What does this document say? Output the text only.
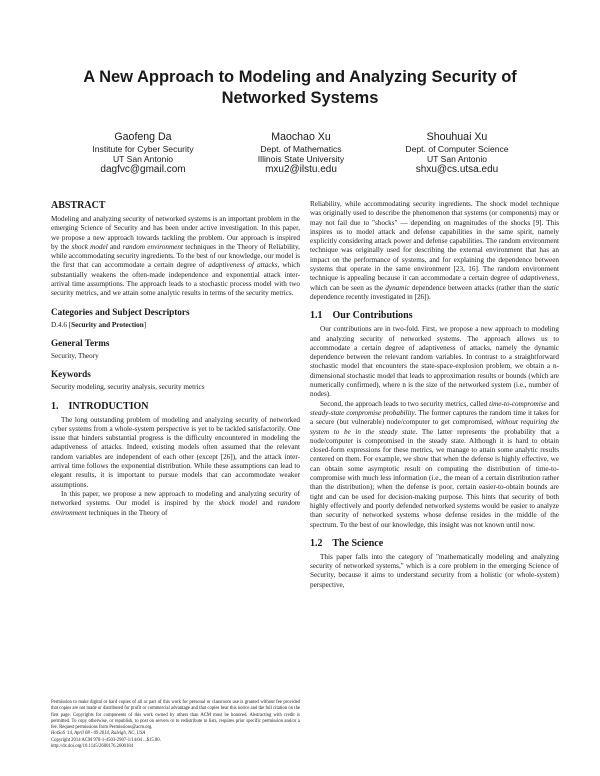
A New Approach to Modeling and Analyzing Security of
Networked Systems
Gaofeng Da
Institute for Cyber Security
UT San Antonio
dagfvc@gmail.com
Maochao Xu
Dept. of Mathematics
Illinois State University
mxu2@ilstu.edu
Shouhuai Xu
Dept. of Computer Science
UT San Antonio
shxu@cs.utsa.edu
ABSTRACT

Modeling and analyzing security of networked systems is an important problem in the emerging Science of Security and has been under active investigation. In this paper, we propose a new approach towards tackling the problem. Our approach is inspired by the shock model and random environment techniques in the Theory of Reliability, while accommodating security ingredients. To the best of our knowledge, our model is the first that can accommodate a certain degree of adaptiveness of attacks, which substantially weakens the often-made independence and exponential attack inter-arrival time assumptions. The approach leads to a stochastic process model with two security metrics, and we attain some analytic results in terms of the security metrics.

Categories and Subject Descriptors

D.4.6 [Security and Protection]

General Terms

Security, Theory

Keywords

Security modeling, security analysis, security metrics

1.    INTRODUCTION

The long outstanding problem of modeling and analyzing security of networked cyber systems from a whole-system perspective is yet to be tackled satisfactorily. One issue that hinders substantial progress is the difficulty encountered in modeling the adaptiveness of attacks. Indeed, existing models often assumed that the relevant random variables are independent of each other (except [26]), and the attack inter-arrival time follows the exponential distribution. While these assumptions can lead to elegant results, it is important to pursue models that can accommodate weaker assumptions.

In this paper, we propose a new approach to modeling and analyzing security of networked systems. Our model is inspired by the shock model and random environment techniques in the Theory of

Permission to make digital or hard copies of all or part of this work for personal or classroom use is granted without fee provided that copies are not made or distributed for profit or commercial advantage and that copies bear this notice and the full citation on the first page. Copyrights for components of this work owned by others than ACM must be honored. Abstracting with credit is permitted. To copy otherwise, or republish, to post on servers or to redistribute to lists, requires prior specific permission and/or a fee. Request permissions from Permissions@acm.org.

HotSoS '14, April 08 - 09 2014, Raleigh, NC, USA

Copyright 2014 ACM 978-1-4503-2907-1/14/04 ...$15.00.

http://dx.doi.org/10.1145/2600176.2600184

Reliability, while accommodating security ingredients. The shock model technique was originally used to describe the phenomenon that systems (or components) may or may not fail due to "shocks" — depending on magnitudes of the shocks [9]. This inspires us to model attack and defense capabilities in the same spirit, namely explicitly considering attack power and defense capabilities. The random environment technique was originally used for describing the external environment that has an impact on the performance of systems, and for explaining the dependence between systems that operate in the same environment [23, 16]. The random environment technique is appealing because it can accommodate a certain degree of adaptiveness, which can be seen as the dynamic dependence between attacks (rather than the static dependence recently investigated in [26]).

1.1    Our Contributions

Our contributions are in two-fold. First, we propose a new approach to modeling and analyzing security of networked systems. The approach allows us to accommodate a certain degree of adaptiveness of attacks, namely the dynamic dependence between the relevant random variables. In contrast to a straightforward stochastic model that encounters the state-space-explosion problem, we obtain a n-dimensional stochastic model that leads to approximation results or bounds (which are numerically confirmed), where n is the size of the networked system (i.e., number of nodes).

Second, the approach leads to two security metrics, called time-to-compromise and steady-state compromise probability. The former captures the random time it takes for a secure (but vulnerable) node/computer to get compromised, without requiring the system to be in the steady state. The latter represents the probability that a node/computer is compromised in the steady state. Although it is hard to obtain closed-form expressions for these metrics, we manage to attain some analytic results centered on them. For example, we show that when the defense is highly effective, we can obtain some asymptotic result on computing the distribution of time-to-compromise with much less information (i.e., the mean of a certain distribution rather than the distribution); when the defense is poor, certain easier-to-obtain bounds are tight and can be used for decision-making purpose. This hints that security of both highly effectively and poorly defended networked systems would be easier to analyze than security of networked systems whose defense resides in the middle of the spectrum. To the best of our knowledge, this insight was not known until now.

1.2    The Science

This paper falls into the category of "mathematically modeling and analyzing security of networked systems," which is a core problem in the emerging Science of Security, because it aims to understand security from a holistic (or whole-system) perspective,
